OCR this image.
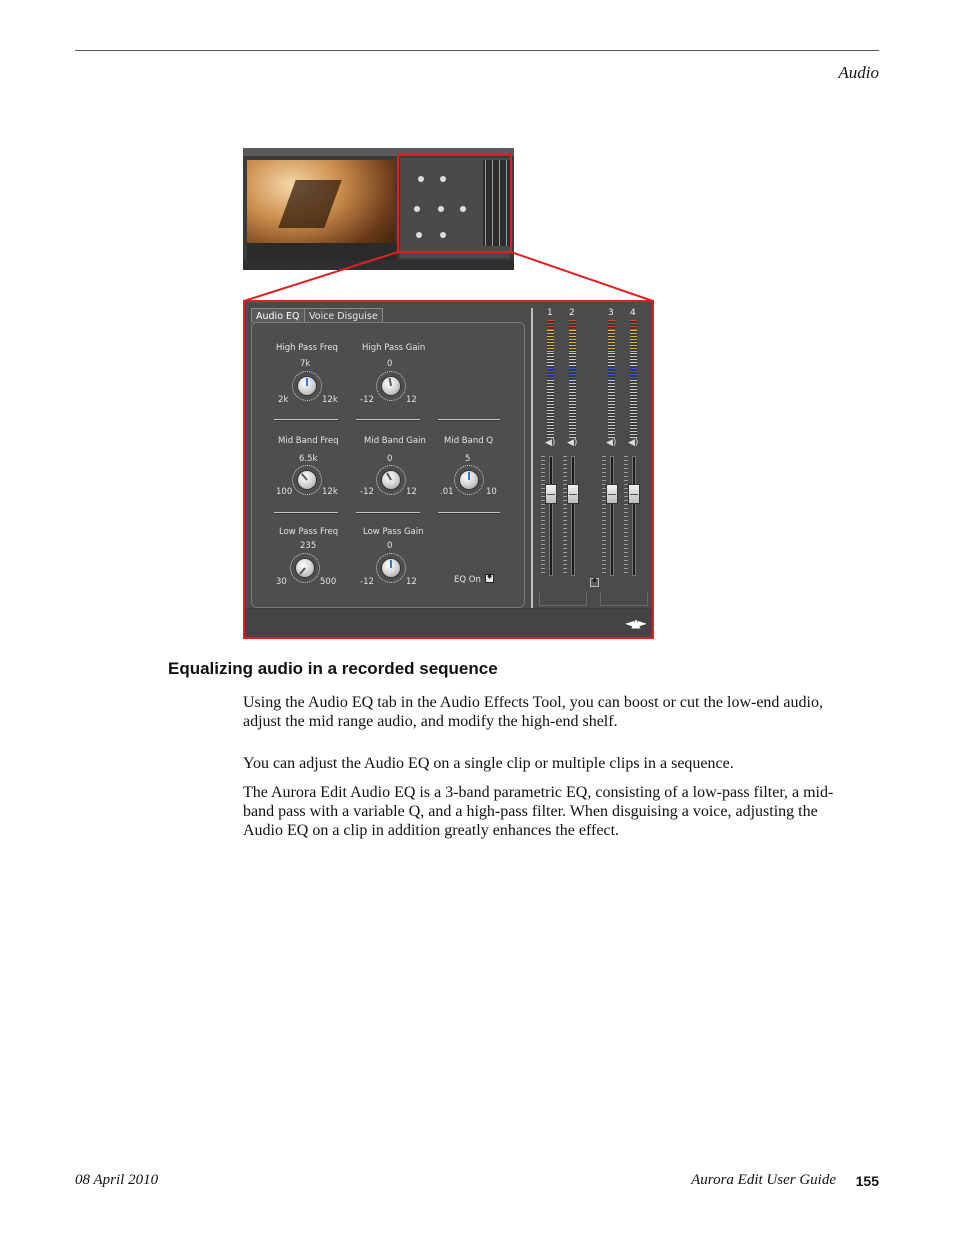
Audio
Audio EQ Voice Disguise
High Pass Freq
7k
2k	12k
High Pass Gain
0
-12	12
Mid Band Freq
6.5k
100	12k
Mid Band Gain
0
-12	12
Mid Band Q
5
.01	10
Low Pass Freq
235
30	500
Low Pass Gain
0
-12	12	EQ On
♦
1 2	3 4
◀) ◀)	◀) ◀)
♦
◄▲►
Equalizing audio in a recorded sequence

Using the Audio EQ tab in the Audio Effects Tool, you can boost or cut the low-end audio, adjust the mid range audio, and modify the high-end shelf.

You can adjust the Audio EQ on a single clip or multiple clips in a sequence.

The Aurora Edit Audio EQ is a 3-band parametric EQ, consisting of a low-pass filter, a mid-band pass with a variable Q, and a high-pass filter. When disguising a voice, adjusting the Audio EQ on a clip in addition greatly enhances the effect.

08 April 2010	Aurora Edit User Guide 155
